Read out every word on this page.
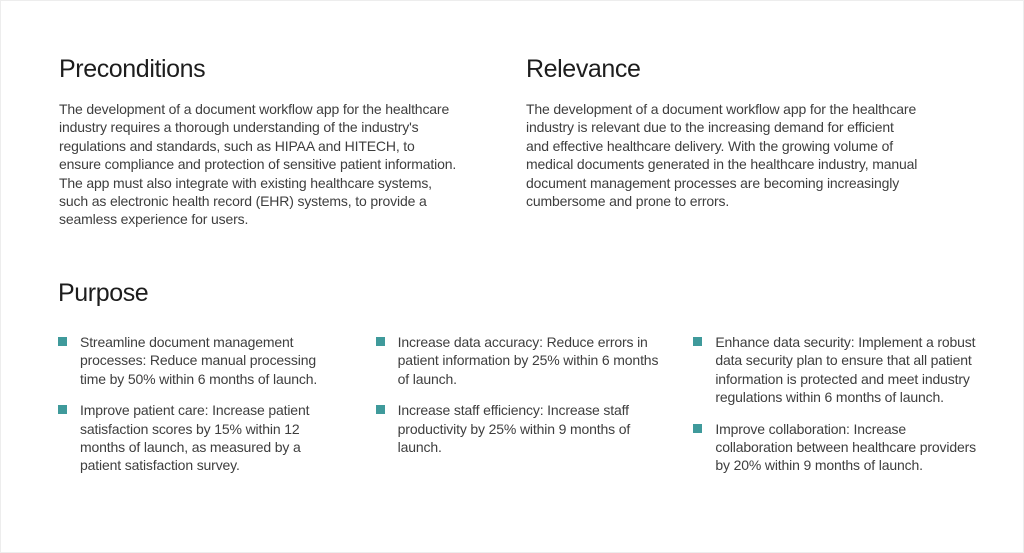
Preconditions

The development of a document workflow app for the healthcare industry requires a thorough understanding of the industry's regulations and standards, such as HIPAA and HITECH, to ensure compliance and protection of sensitive patient information. The app must also integrate with existing healthcare systems, such as electronic health record (EHR) systems, to provide a seamless experience for users.

Relevance

The development of a document workflow app for the healthcare industry is relevant due to the increasing demand for efficient and effective healthcare delivery. With the growing volume of medical documents generated in the healthcare industry, manual document management processes are becoming increasingly cumbersome and prone to errors.

Purpose
Streamline document management processes: Reduce manual processing time by 50% within 6 months of launch.
Improve patient care: Increase patient satisfaction scores by 15% within 12 months of launch, as measured by a patient satisfaction survey.
Increase data accuracy: Reduce errors in patient information by 25% within 6 months of launch.
Increase staff efficiency: Increase staff productivity by 25% within 9 months of launch.
Enhance data security: Implement a robust data security plan to ensure that all patient information is protected and meet industry regulations within 6 months of launch.
Improve collaboration: Increase collaboration between healthcare providers by 20% within 9 months of launch.
